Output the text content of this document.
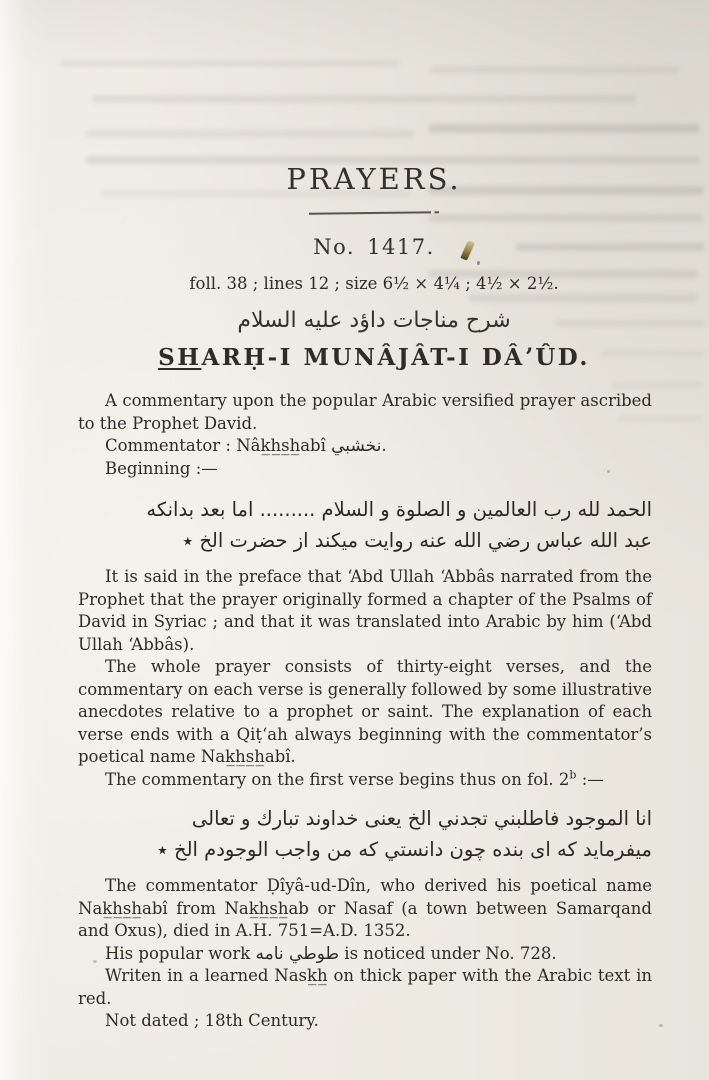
PRAYERS.
No. 1417.
foll. 38 ; lines 12 ; size 6½ × 4¼ ; 4½ × 2½.
شرح مناجات داؤد عليه السلام
SHARḤ-I MUNÂJÂT-I DÂʼÛD.

A commentary upon the popular Arabic versified prayer ascribed to the Prophet David.

Commentator : Nâk̲h̲s̲h̲abî نخشبي.

Beginning :—

الحمد لله رب العالمين و الصلوة و السلام ......... اما بعد بدانكه
عبد الله عباس رضي الله عنه روايت ميكند از حضرت الخ ٭

It is said in the preface that ʻAbd Ullah ʻAbbâs narrated from the Prophet that the prayer originally formed a chapter of the Psalms of David in Syriac ; and that it was translated into Arabic by him (ʻAbd Ullah ʻAbbâs).

The whole prayer consists of thirty-eight verses, and the commentary on each verse is generally followed by some illustrative anecdotes relative to a prophet or saint. The explanation of each verse ends with a Qiṭʻah always beginning with the commentator’s poetical name Nak̲h̲s̲h̲abî.

The commentary on the first verse begins thus on fol. 2$^b$ :—

انا الموجود فاطلبني تجدني الخ يعنى خداوند تبارك و تعالى
ميفرمايد كه اى بنده چون دانستي كه من واجب الوجودم الخ ٭

The commentator Ḍîyâ-ud-Dîn, who derived his poetical name Nak̲h̲s̲h̲abî from Nak̲h̲s̲h̲ab or Nasaf (a town between Samarqand and Oxus), died in A.H. 751=A.D. 1352.

His popular work طوطي نامه is noticed under No. 728.

Writen in a learned Nask̲h̲ on thick paper with the Arabic text in red.

Not dated ; 18th Century.
